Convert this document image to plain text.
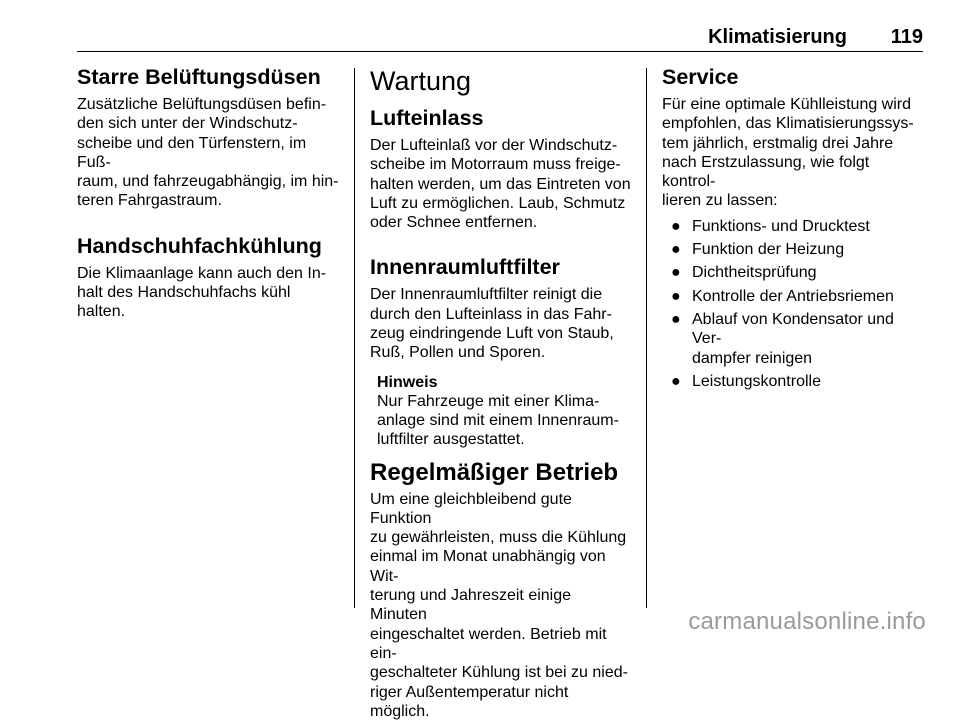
Klimatisierung 119
Starre Belüftungsdüsen
Zusätzliche Belüftungsdüsen befin-
den sich unter der Windschutz-
scheibe und den Türfenstern, im Fuß-
raum, und fahrzeugabhängig, im hin-
teren Fahrgastraum.
Handschuhfachkühlung
Die Klimaanlage kann auch den In-
halt des Handschuhfachs kühl halten.
Wartung
Lufteinlass
Der Lufteinlaß vor der Windschutz-
scheibe im Motorraum muss freige-
halten werden, um das Eintreten von
Luft zu ermöglichen. Laub, Schmutz
oder Schnee entfernen.
Innenraumluftfilter
Der Innenraumluftfilter reinigt die
durch den Lufteinlass in das Fahr-
zeug eindringende Luft von Staub,
Ruß, Pollen und Sporen.
Hinweis
Nur Fahrzeuge mit einer Klima-
anlage sind mit einem Innenraum-
luftfilter ausgestattet.
Regelmäßiger Betrieb
Um eine gleichbleibend gute Funktion
zu gewährleisten, muss die Kühlung
einmal im Monat unabhängig von Wit-
terung und Jahreszeit einige Minuten
eingeschaltet werden. Betrieb mit ein-
geschalteter Kühlung ist bei zu nied-
riger Außentemperatur nicht möglich.
Service
Für eine optimale Kühlleistung wird
empfohlen, das Klimatisierungssys-
tem jährlich, erstmalig drei Jahre
nach Erstzulassung, wie folgt kontrol-
lieren zu lassen:
● Funktions- und Drucktest
● Funktion der Heizung
● Dichtheitsprüfung
● Kontrolle der Antriebsriemen
● Ablauf von Kondensator und Ver-
dampfer reinigen
● Leistungskontrolle
carmanualsonline.info
